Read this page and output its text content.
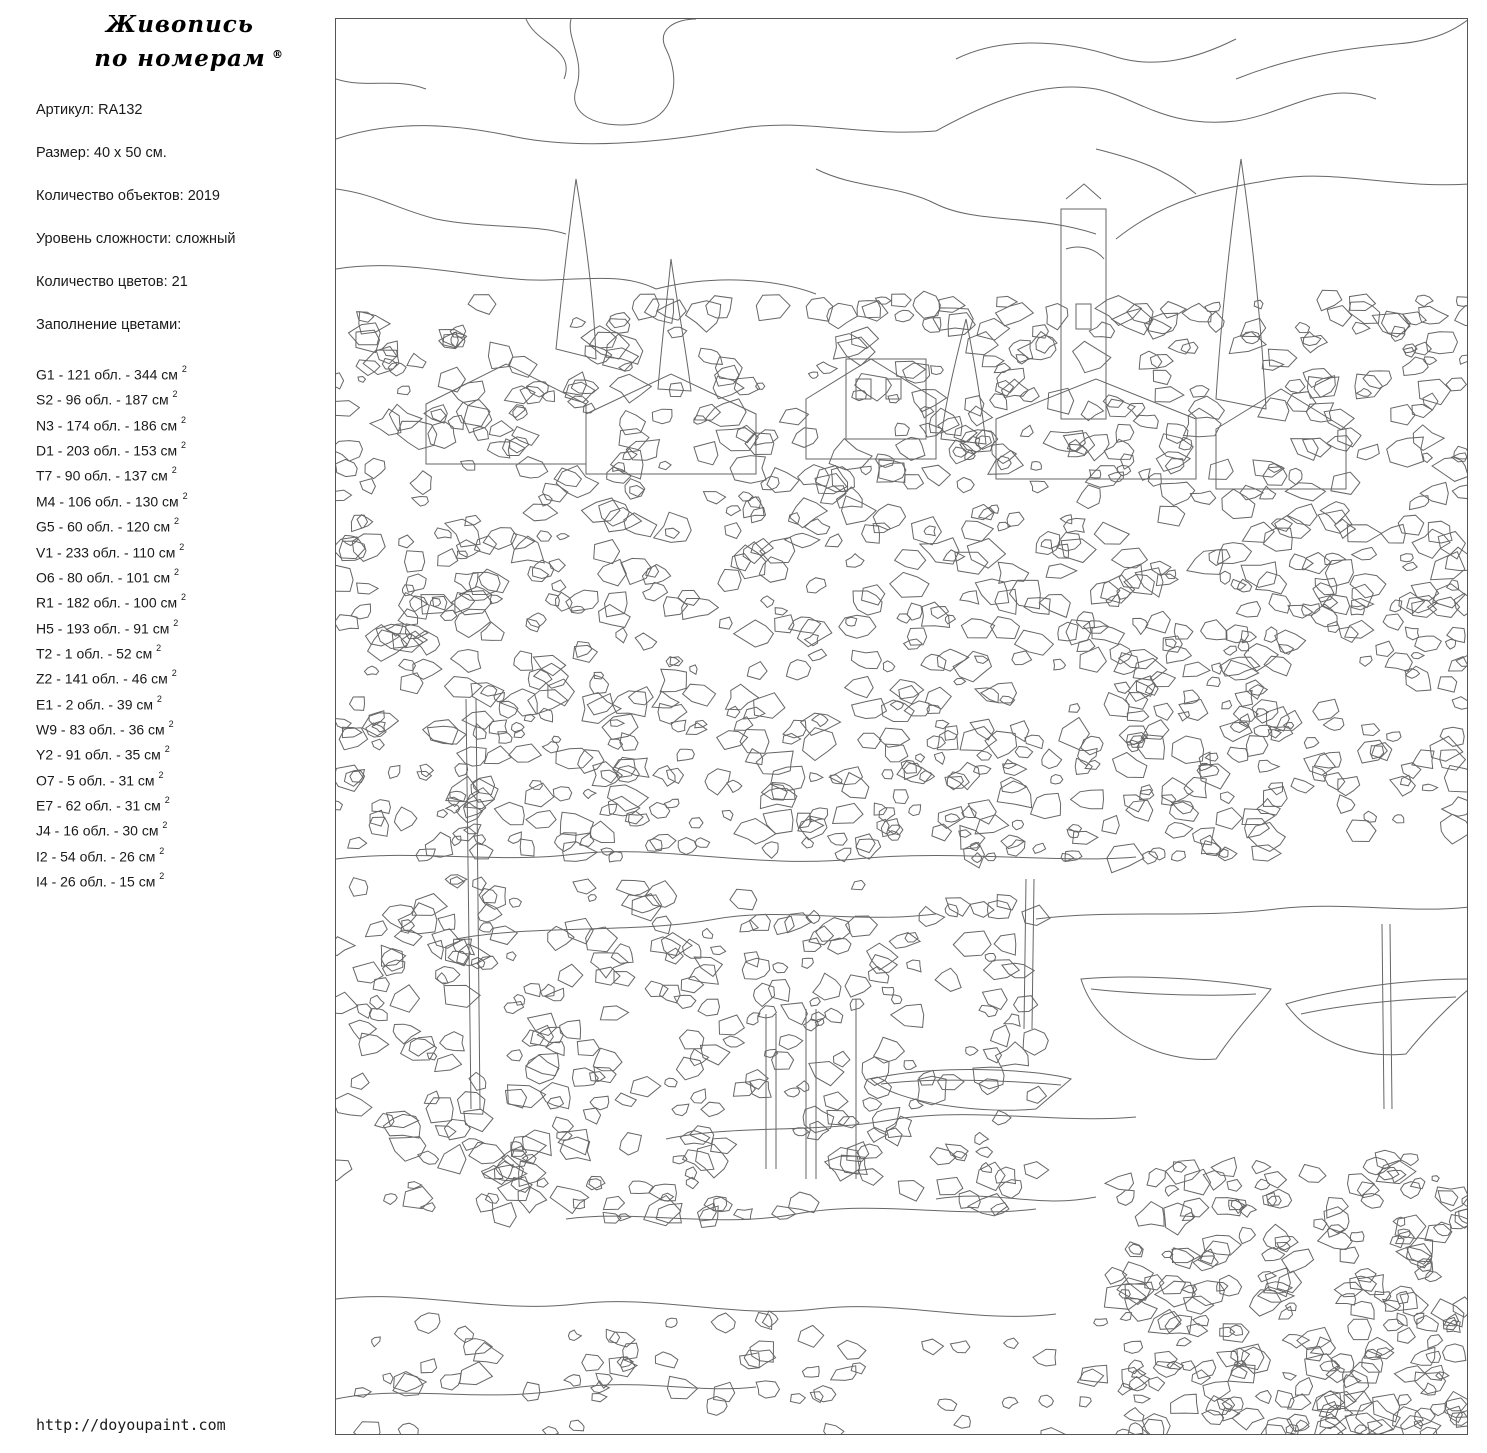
Живопись
по номерам ®
Артикул: RA132
Размер: 40 х 50 см.
Количество объектов: 2019
Уровень сложности: сложный
Количество цветов: 21
Заполнение цветами:
G1 - 121 обл. - 344 см $^2$
S2 - 96 обл. - 187 см $^2$
N3 - 174 обл. - 186 см $^2$
D1 - 203 обл. - 153 см $^2$
T7 - 90 обл. - 137 см $^2$
M4 - 106 обл. - 130 см $^2$
G5 - 60 обл. - 120 см $^2$
V1 - 233 обл. - 110 см $^2$
O6 - 80 обл. - 101 см $^2$
R1 - 182 обл. - 100 см $^2$
H5 - 193 обл. - 91 см $^2$
T2 - 1 обл. - 52 см $^2$
Z2 - 141 обл. - 46 см $^2$
E1 - 2 обл. - 39 см $^2$
W9 - 83 обл. - 36 см $^2$
Y2 - 91 обл. - 35 см $^2$
O7 - 5 обл. - 31 см $^2$
E7 - 62 обл. - 31 см $^2$
J4 - 16 обл. - 30 см $^2$
I2 - 54 обл. - 26 см $^2$
I4 - 26 обл. - 15 см $^2$
http://doyoupaint.com
